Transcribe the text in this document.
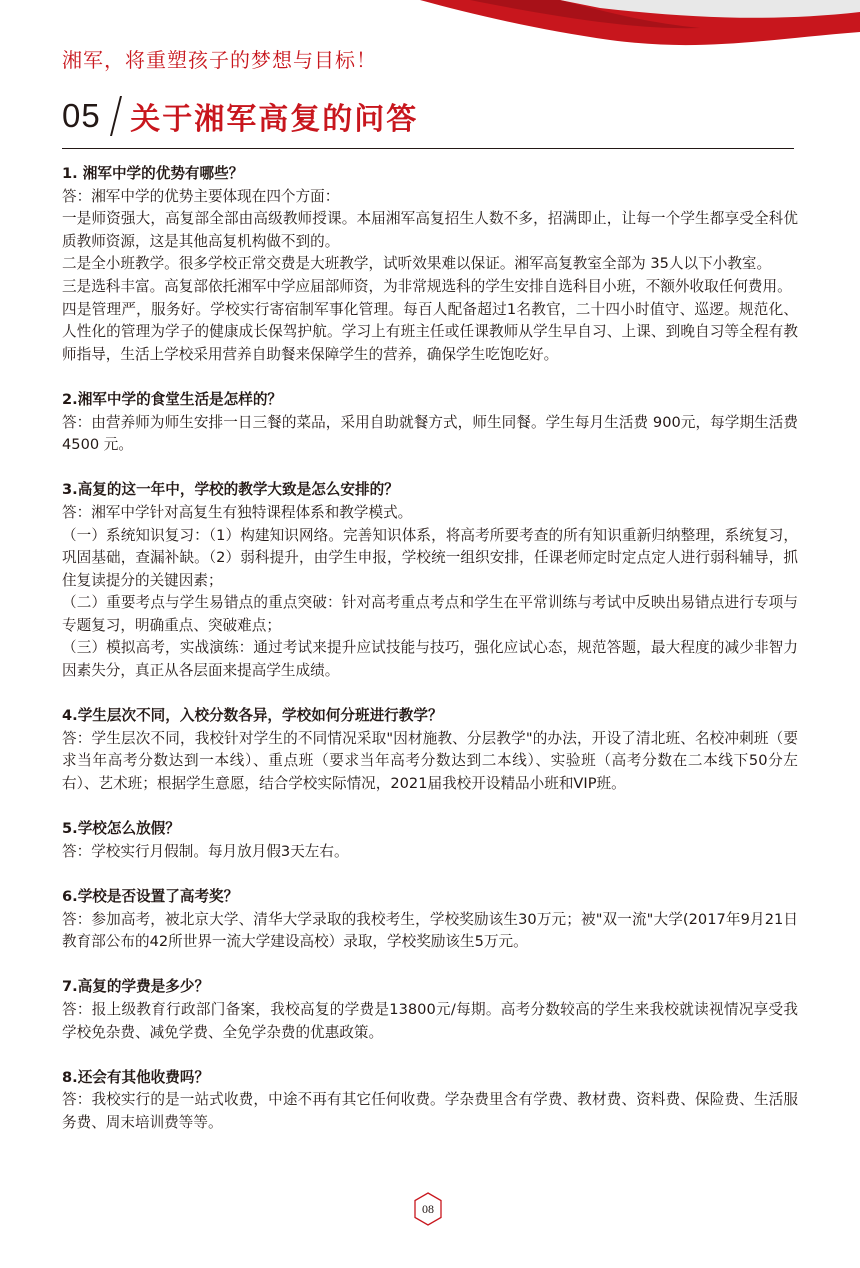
湘军，将重塑孩子的梦想与目标！
05 关于湘军高复的问答
1. 湘军中学的优势有哪些？

答：湘军中学的优势主要体现在四个方面：

一是师资强大，高复部全部由高级教师授课。本届湘军高复招生人数不多，招满即止，让每一个学生都享受全科优质教师资源，这是其他高复机构做不到的。

二是全小班教学。很多学校正常交费是大班教学，试听效果难以保证。湘军高复教室全部为 35人以下小教室。

三是选科丰富。高复部依托湘军中学应届部师资，为非常规选科的学生安排自选科目小班，不额外收取任何费用。

四是管理严，服务好。学校实行寄宿制军事化管理。每百人配备超过1名教官，二十四小时值守、巡逻。规范化、人性化的管理为学子的健康成长保驾护航。学习上有班主任或任课教师从学生早自习、上课、到晚自习等全程有教师指导，生活上学校采用营养自助餐来保障学生的营养，确保学生吃饱吃好。

2.湘军中学的食堂生活是怎样的？

答：由营养师为师生安排一日三餐的菜品，采用自助就餐方式，师生同餐。学生每月生活费 900元，每学期生活费 4500 元。

3.高复的这一年中，学校的教学大致是怎么安排的？

答：湘军中学针对高复生有独特课程体系和教学模式。

（一）系统知识复习：（1）构建知识网络。完善知识体系，将高考所要考查的所有知识重新归纳整理，系统复习，巩固基础，查漏补缺。（2）弱科提升，由学生申报，学校统一组织安排，任课老师定时定点定人进行弱科辅导，抓住复读提分的关键因素；

（二）重要考点与学生易错点的重点突破：针对高考重点考点和学生在平常训练与考试中反映出易错点进行专项与专题复习，明确重点、突破难点；

（三）模拟高考，实战演练：通过考试来提升应试技能与技巧，强化应试心态，规范答题，最大程度的减少非智力因素失分，真正从各层面来提高学生成绩。

4.学生层次不同，入校分数各异，学校如何分班进行教学？

答：学生层次不同，我校针对学生的不同情况采取"因材施教、分层教学"的办法，开设了清北班、名校冲刺班（要求当年高考分数达到一本线）、重点班（要求当年高考分数达到二本线）、实验班（高考分数在二本线下50分左右）、艺术班；根据学生意愿，结合学校实际情况，2021届我校开设精品小班和VIP班。

5.学校怎么放假？

答：学校实行月假制。每月放月假3天左右。

6.学校是否设置了高考奖？

答：参加高考，被北京大学、清华大学录取的我校考生，学校奖励该生30万元；被"双一流"大学(2017年9月21日教育部公布的42所世界一流大学建设高校）录取，学校奖励该生5万元。

7.高复的学费是多少？

答：报上级教育行政部门备案，我校高复的学费是13800元/每期。高考分数较高的学生来我校就读视情况享受我学校免杂费、减免学费、全免学杂费的优惠政策。

8.还会有其他收费吗？

答：我校实行的是一站式收费，中途不再有其它任何收费。学杂费里含有学费、教材费、资料费、保险费、生活服务费、周末培训费等等。

08
